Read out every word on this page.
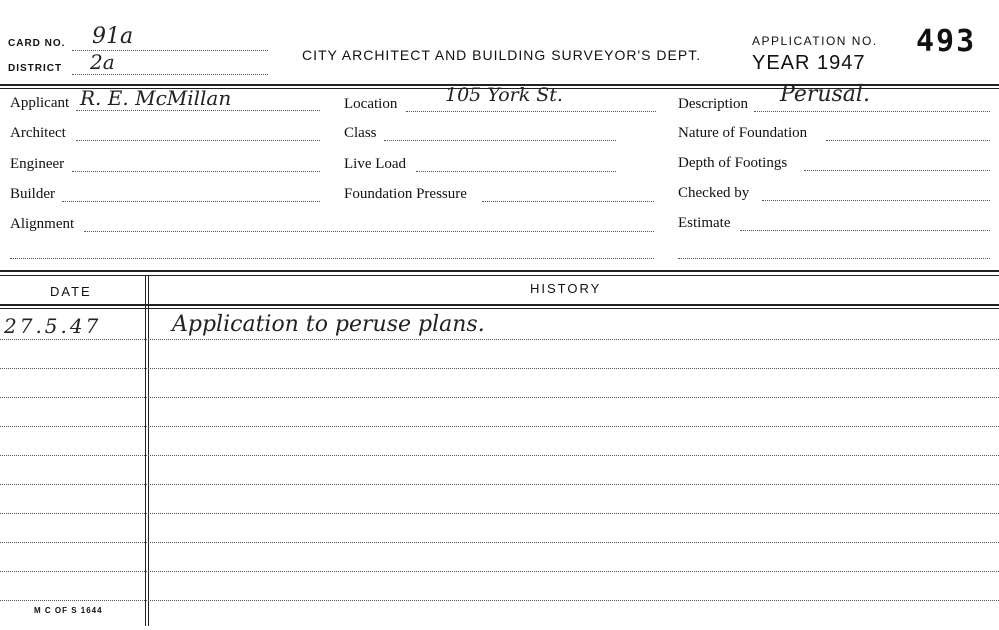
CARD NO. 91a
DISTRICT 2a	CITY ARCHITECT AND BUILDING SURVEYOR'S DEPT.
APPLICATION NO. 493
YEAR 1947
Applicant R. E. McMillan
Architect
Engineer
Builder
Alignment
Location	105 York St.
Class
Live Load
Foundation Pressure
Description Perusal.
Nature of Foundation
Depth of Footings
Checked by
Estimate
DATE	HISTORY
27.5.47	Application to peruse plans.
M C OF S 1644
